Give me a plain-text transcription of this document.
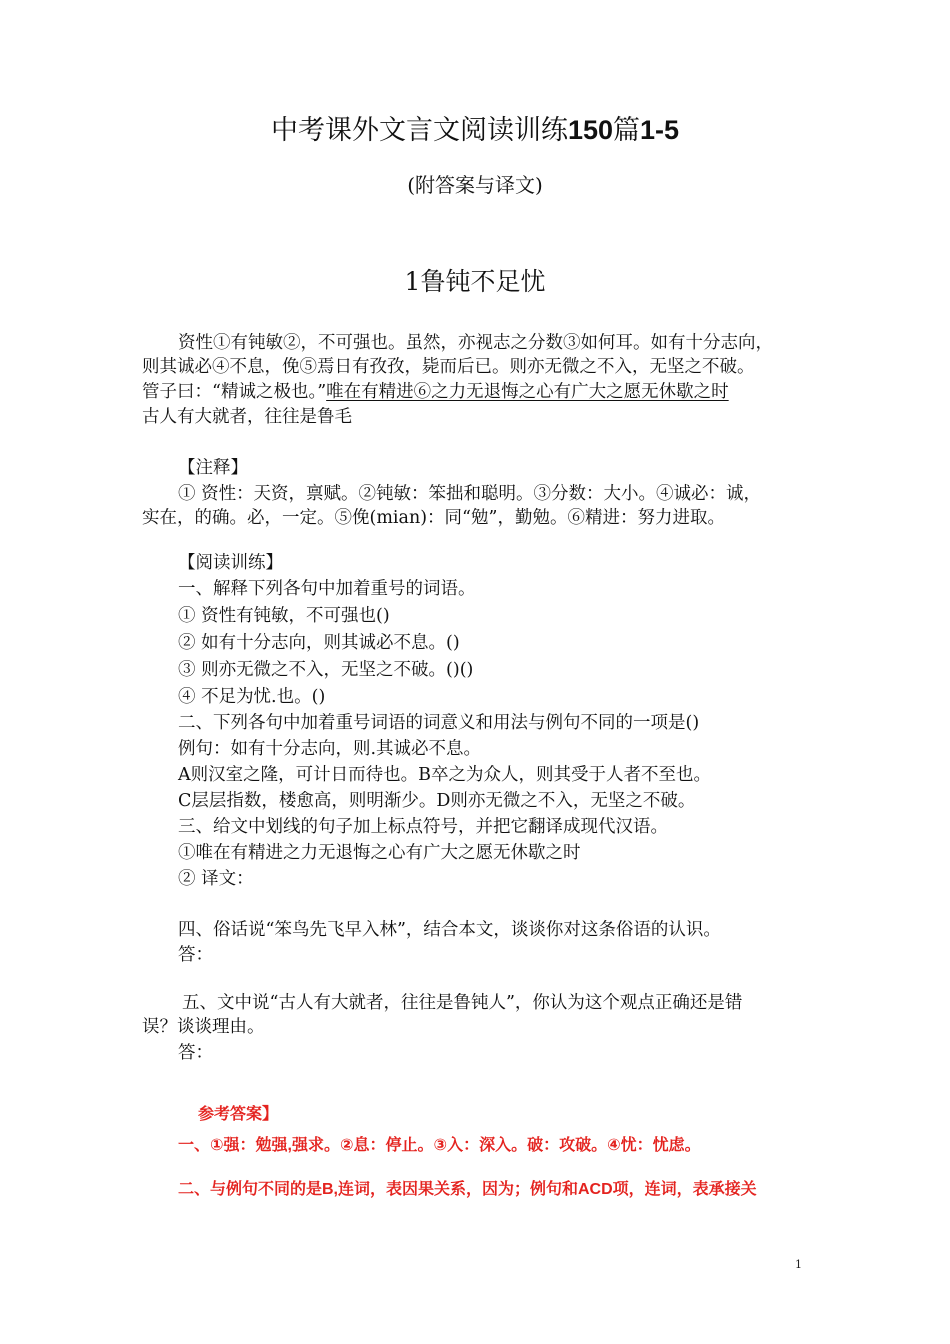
中考课外文言文阅读训练150篇1-5
(附答案与译文)
1鲁钝不足忧
资性①有钝敏②，不可强也。虽然，亦视志之分数③如何耳。如有十分志向，
则其诚必④不息，俛⑤焉日有孜孜，毙而后已。则亦无微之不入，无坚之不破。
管子曰：“精诚之极也。”唯在有精进⑥之力无退悔之心有广大之愿无休歇之时
古人有大就者，往往是鲁毛
【注释】
① 资性：天资，禀赋。②钝敏：笨拙和聪明。③分数：大小。④诚必：诚，
实在，的确。必，一定。⑤俛(mian)：同“勉”，勤勉。⑥精进：努力进取。
【阅读训练】
一、解释下列各句中加着重号的词语。
① 资性有钝敏，不可强也()
② 如有十分志向，则其诚必不息。()
③ 则亦无微之不入，无坚之不破。()()
④ 不足为忧.也。()
二、下列各句中加着重号词语的词意义和用法与例句不同的一项是()
例句：如有十分志向，则.其诚必不息。
A则汉室之隆，可计日而待也。B卒之为众人，则其受于人者不至也。
C层层指数，楼愈高，则明渐少。D则亦无微之不入，无坚之不破。
三、给文中划线的句子加上标点符号，并把它翻译成现代汉语。
①唯在有精进之力无退悔之心有广大之愿无休歇之时
② 译文：
四、俗话说“笨鸟先飞早入林”，结合本文，谈谈你对这条俗语的认识。
答：
五、文中说“古人有大就者，往往是鲁钝人”，你认为这个观点正确还是错
误？谈谈理由。
答：
参考答案】
一、①强：勉强,强求。②息：停止。③入：深入。破：攻破。④忧：忧虑。
二、与例句不同的是B,连词，表因果关系，因为；例句和ACD项，连词，表承接关
1
